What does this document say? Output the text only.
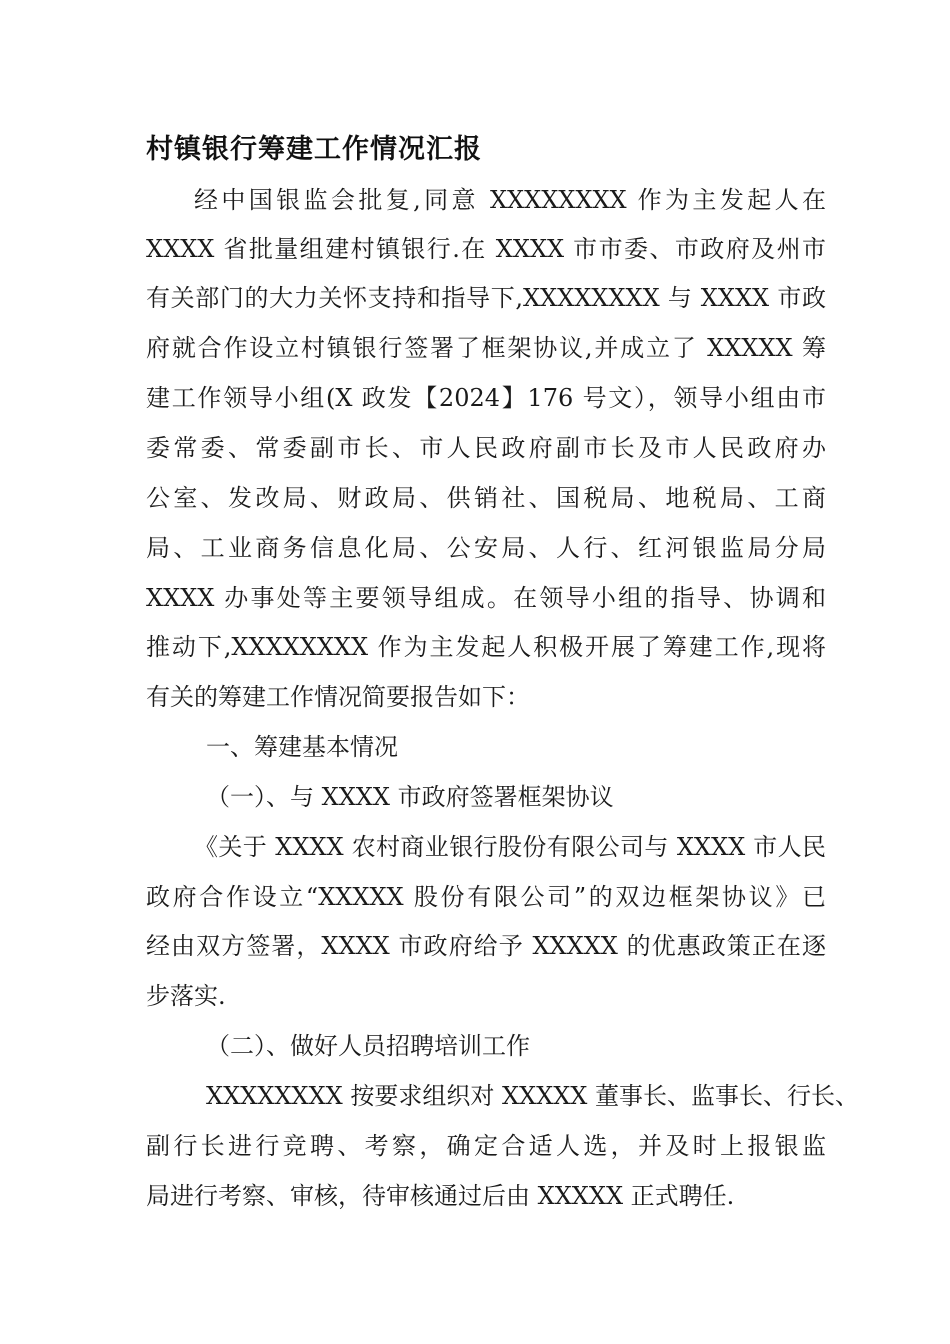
村镇银行筹建工作情况汇报
经中国银监会批复,同意 XXXXXXXX 作为主发起人在
XXXX 省批量组建村镇银行.在 XXXX 市市委、市政府及州市
有关部门的大力关怀支持和指导下,XXXXXXXX 与 XXXX 市政
府就合作设立村镇银行签署了框架协议,并成立了 XXXXX 筹
建工作领导小组(X 政发【2024】176 号文），领导小组由市
委常委、常委副市长、市人民政府副市长及市人民政府办
公室、发改局、财政局、供销社、国税局、地税局、工商
局、工业商务信息化局、公安局、人行、红河银监局分局
XXXX 办事处等主要领导组成。在领导小组的指导、协调和
推动下,XXXXXXXX 作为主发起人积极开展了筹建工作,现将
有关的筹建工作情况简要报告如下：
一、筹建基本情况
（一）、与 XXXX 市政府签署框架协议
《关于 XXXX 农村商业银行股份有限公司与 XXXX 市人民
政府合作设立“XXXXX 股份有限公司”的双边框架协议》已
经由双方签署，XXXX 市政府给予 XXXXX 的优惠政策正在逐
步落实.
（二）、做好人员招聘培训工作
XXXXXXXX 按要求组织对 XXXXX 董事长、监事长、行长、
副行长进行竞聘、考察，确定合适人选，并及时上报银监
局进行考察、审核，待审核通过后由 XXXXX 正式聘任.
